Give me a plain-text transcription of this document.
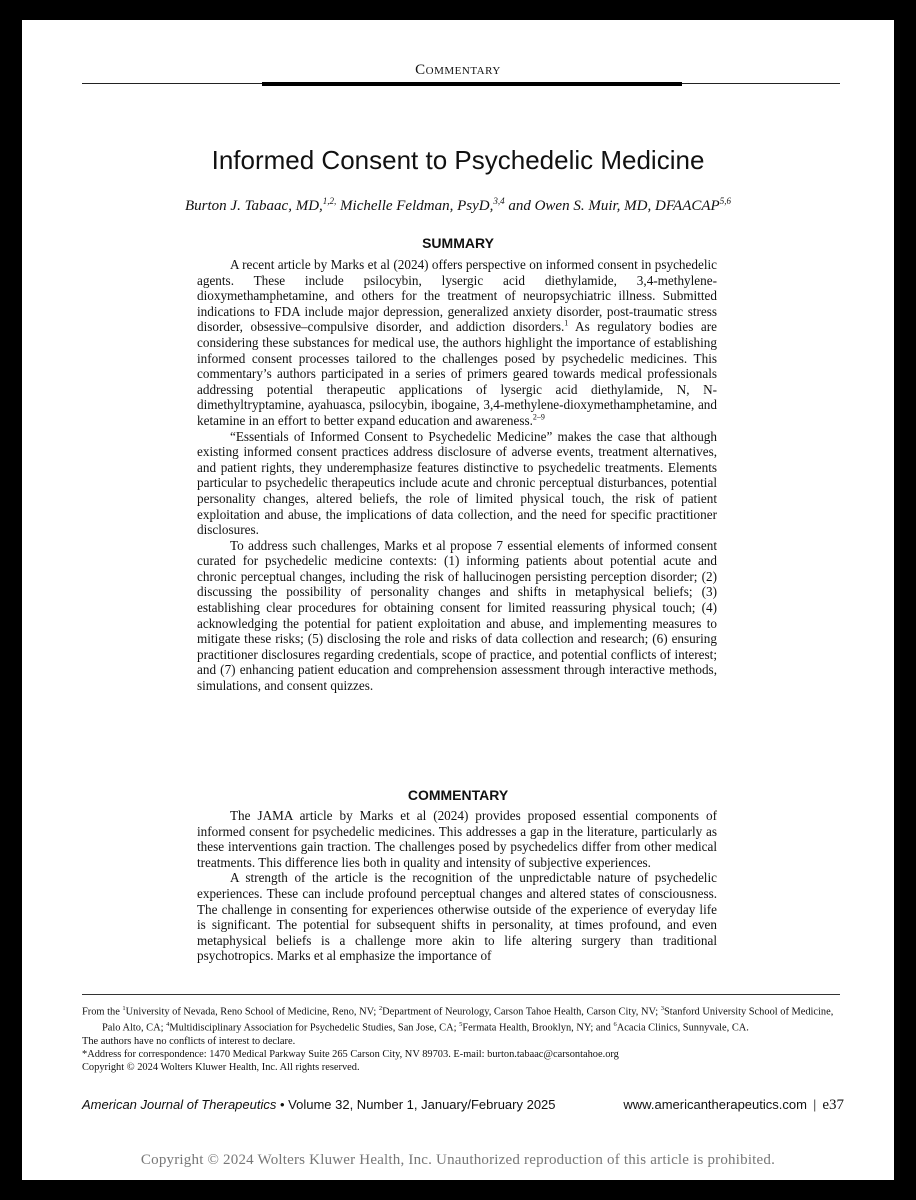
Commentary
Informed Consent to Psychedelic Medicine
Burton J. Tabaac, MD,$^{1,2,}$ Michelle Feldman, PsyD,$^{3,4}$ and Owen S. Muir, MD, DFAACAP$^{5,6}$
SUMMARY

A recent article by Marks et al (2024) offers perspective on informed consent in psychedelic agents. These include psilocybin, lysergic acid diethylamide, 3,4-methylene-dioxymethamphetamine, and others for the treatment of neuropsychiatric illness. Submitted indications to FDA include major depression, generalized anxiety disorder, post-traumatic stress disorder, obsessive–compulsive disorder, and addiction disorders.$^1$ As regulatory bodies are considering these substances for medical use, the authors highlight the importance of establishing informed consent processes tailored to the challenges posed by psychedelic medicines. This commentary’s authors participated in a series of primers geared towards medical professionals addressing potential therapeutic applications of lysergic acid diethylamide, N, N-dimethyltryptamine, ayahuasca, psilocybin, ibogaine, 3,4-methylene-dioxymethamphetamine, and ketamine in an effort to better expand education and awareness.$^{2-9}$

“Essentials of Informed Consent to Psychedelic Medicine” makes the case that although existing informed consent practices address disclosure of adverse events, treatment alternatives, and patient rights, they underemphasize features distinctive to psychedelic treatments. Elements particular to psychedelic therapeutics include acute and chronic perceptual disturbances, potential personality changes, altered beliefs, the role of limited physical touch, the risk of patient exploitation and abuse, the implications of data collection, and the need for specific practitioner disclosures.

To address such challenges, Marks et al propose 7 essential elements of informed consent curated for psychedelic medicine contexts: (1) informing patients about potential acute and chronic perceptual changes, including the risk of hallucinogen persisting perception disorder; (2) discussing the possibility of personality changes and shifts in metaphysical beliefs; (3) establishing clear procedures for obtaining consent for limited reassuring physical touch; (4) acknowledging the potential for patient exploitation and abuse, and implementing measures to mitigate these risks; (5) disclosing the role and risks of data collection and research; (6) ensuring practitioner disclosures regarding credentials, scope of practice, and potential conflicts of interest; and (7) enhancing patient education and comprehension assessment through interactive methods, simulations, and consent quizzes.

COMMENTARY

The JAMA article by Marks et al (2024) provides proposed essential components of informed consent for psychedelic medicines. This addresses a gap in the literature, particularly as these interventions gain traction. The challenges posed by psychedelics differ from other medical treatments. This difference lies both in quality and intensity of subjective experiences.

A strength of the article is the recognition of the unpredictable nature of psychedelic experiences. These can include profound perceptual changes and altered states of consciousness. The challenge in consenting for experiences otherwise outside of the experience of everyday life is significant. The potential for subsequent shifts in personality, at times profound, and even metaphysical beliefs is a challenge more akin to life altering surgery than traditional psychotropics. Marks et al emphasize the importance of

From the $^1$University of Nevada, Reno School of Medicine, Reno, NV; $^2$Department of Neurology, Carson Tahoe Health, Carson City, NV; $^3$Stanford University School of Medicine, Palo Alto, CA; $^4$Multidisciplinary Association for Psychedelic Studies, San Jose, CA; $^5$Fermata Health, Brooklyn, NY; and $^6$Acacia Clinics, Sunnyvale, CA.

The authors have no conflicts of interest to declare.

*Address for correspondence: 1470 Medical Parkway Suite 265 Carson City, NV 89703. E-mail: burton.tabaac@carsontahoe.org

Copyright © 2024 Wolters Kluwer Health, Inc. All rights reserved.

American Journal of Therapeutics • Volume 32, Number 1, January/February 2025	www.americantherapeutics.com | e37
Copyright © 2024 Wolters Kluwer Health, Inc. Unauthorized reproduction of this article is prohibited.
